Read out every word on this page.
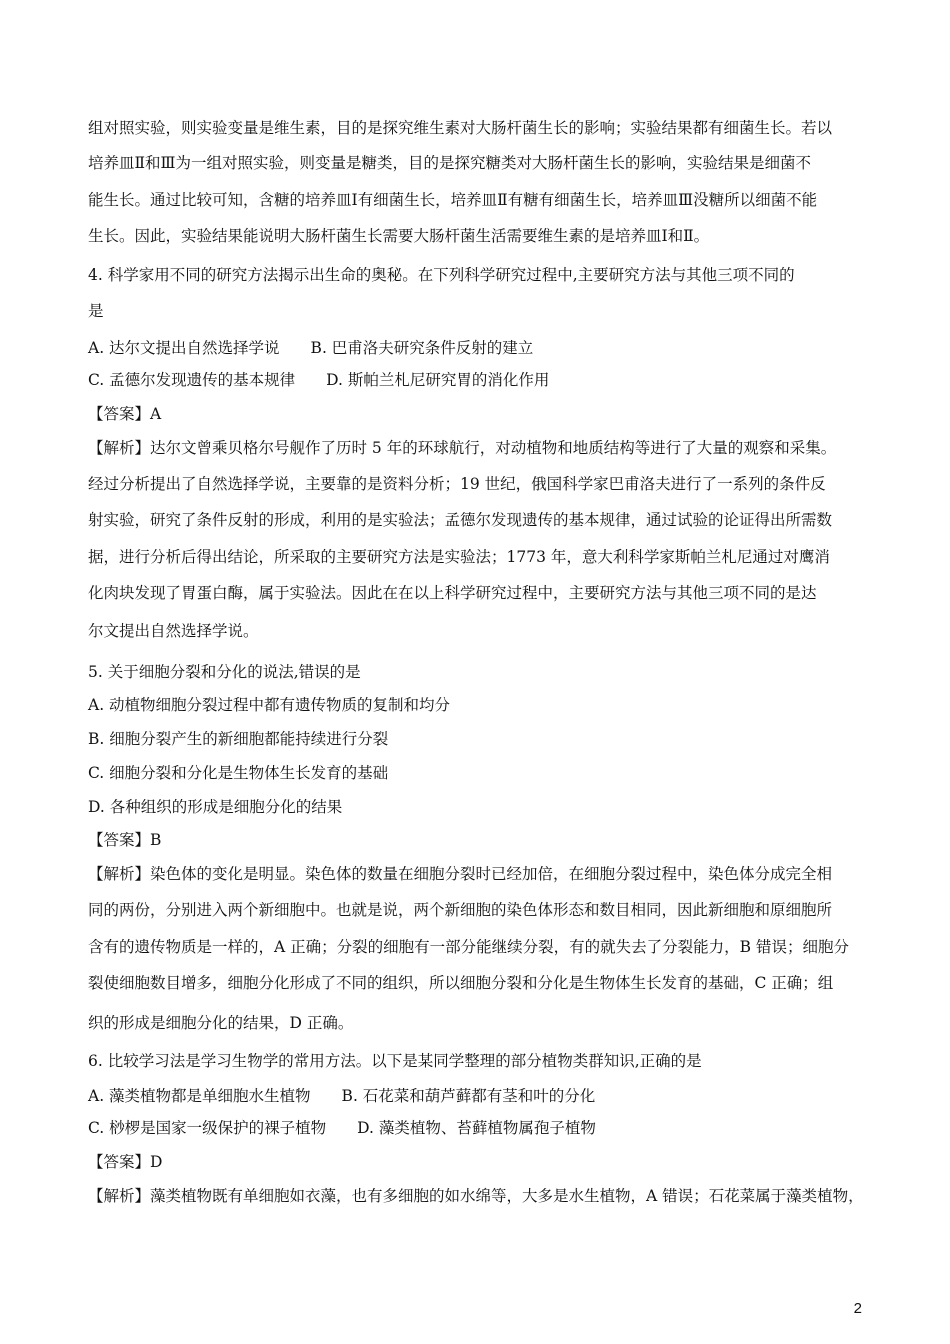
组对照实验，则实验变量是维生素，目的是探究维生素对大肠杆菌生长的影响；实验结果都有细菌生长。若以
培养皿Ⅱ和Ⅲ为一组对照实验，则变量是糖类，目的是探究糖类对大肠杆菌生长的影响，实验结果是细菌不
能生长。通过比较可知，含糖的培养皿Ⅰ有细菌生长，培养皿Ⅱ有糖有细菌生长，培养皿Ⅲ没糖所以细菌不能
生长。因此，实验结果能说明大肠杆菌生长需要大肠杆菌生活需要维生素的是培养皿Ⅰ和Ⅱ。
4. 科学家用不同的研究方法揭示出生命的奥秘。在下列科学研究过程中,主要研究方法与其他三项不同的
是
A. 达尔文提出自然选择学说　　B. 巴甫洛夫研究条件反射的建立
C. 孟德尔发现遗传的基本规律　　D. 斯帕兰札尼研究胃的消化作用
【答案】A
【解析】达尔文曾乘贝格尔号舰作了历时 5 年的环球航行，对动植物和地质结构等进行了大量的观察和采集。
经过分析提出了自然选择学说，主要靠的是资料分析；19 世纪，俄国科学家巴甫洛夫进行了一系列的条件反
射实验，研究了条件反射的形成，利用的是实验法；孟德尔发现遗传的基本规律，通过试验的论证得出所需数
据，进行分析后得出结论，所采取的主要研究方法是实验法；1773 年，意大利科学家斯帕兰札尼通过对鹰消
化肉块发现了胃蛋白酶，属于实验法。因此在在以上科学研究过程中，主要研究方法与其他三项不同的是达
尔文提出自然选择学说。
5. 关于细胞分裂和分化的说法,错误的是
A. 动植物细胞分裂过程中都有遗传物质的复制和均分
B. 细胞分裂产生的新细胞都能持续进行分裂
C. 细胞分裂和分化是生物体生长发育的基础
D. 各种组织的形成是细胞分化的结果
【答案】B
【解析】染色体的变化是明显。染色体的数量在细胞分裂时已经加倍，在细胞分裂过程中，染色体分成完全相
同的两份，分别进入两个新细胞中。也就是说，两个新细胞的染色体形态和数目相同，因此新细胞和原细胞所
含有的遗传物质是一样的，A 正确；分裂的细胞有一部分能继续分裂，有的就失去了分裂能力，B 错误；细胞分
裂使细胞数目增多，细胞分化形成了不同的组织，所以细胞分裂和分化是生物体生长发育的基础，C 正确；组
织的形成是细胞分化的结果，D 正确。
6. 比较学习法是学习生物学的常用方法。以下是某同学整理的部分植物类群知识,正确的是
A. 藻类植物都是单细胞水生植物　　B. 石花菜和葫芦藓都有茎和叶的分化
C. 桫椤是国家一级保护的裸子植物　　D. 藻类植物、苔藓植物属孢子植物
【答案】D
【解析】藻类植物既有单细胞如衣藻，也有多细胞的如水绵等，大多是水生植物，A 错误；石花菜属于藻类植物，
2
